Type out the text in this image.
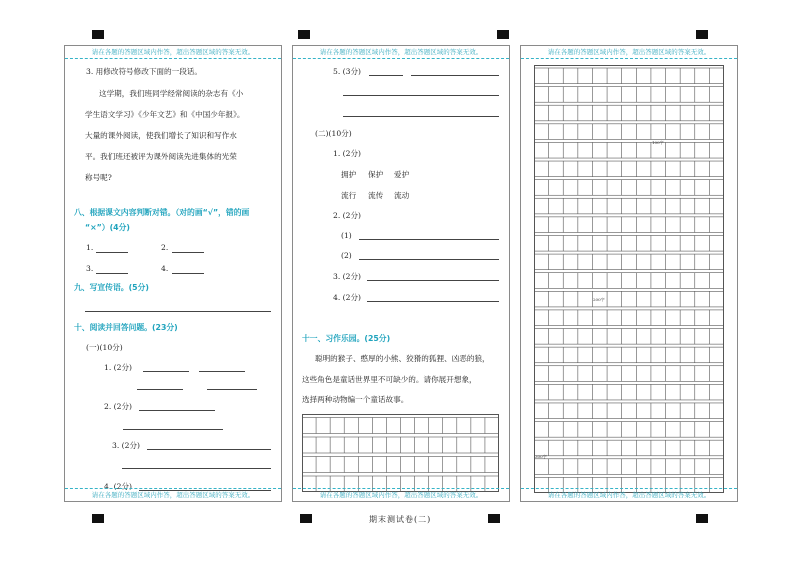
请在各题的答题区域内作答，超出答题区域的答案无效。
3. 用修改符号修改下面的一段话。
这学期，我们班同学经常阅读的杂志有《小
学生语文学习》《少年文艺》和《中国少年报》。
大量的课外阅读，使我们增长了知识和写作水
平。我们班还被评为课外阅读先进集体的光荣
称号呢?
八、根据课文内容判断对错。（对的画“√”，错的画
“×”）(4分)
1.	2.
3.	4.
九、写宣传语。(5分)
十、阅读并回答问题。(23分)
(一)(10分)
1. (2分)
2. (2分)
3. (2分)
4. (2分)
请在各题的答题区域内作答，超出答题区域的答案无效。
请在各题的答题区域内作答，超出答题区域的答案无效。
5. (3分)
(二)(10分)
1. (2分)
拥护 保护 爱护
流行 流传 流动
2. (2分)
(1)
(2)
3. (2分)
4. (2分)
十一、习作乐园。(25分)
聪明的猴子、憨厚的小熊、狡猾的狐狸、凶恶的狼，
这些角色是童话世界里不可缺少的。请你展开想象，
选择两种动物编一个童话故事。
请在各题的答题区域内作答，超出答题区域的答案无效。
请在各题的答题区域内作答，超出答题区域的答案无效。
100字
200字
300字
请在各题的答题区域内作答，超出答题区域的答案无效。
期末测试卷(二)
